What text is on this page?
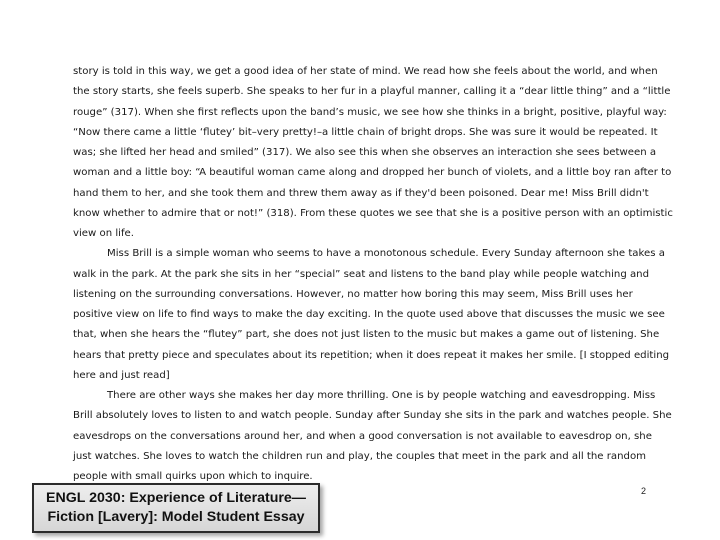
story is told in this way, we get a good idea of her state of mind. We read how she feels about the world, and when the story starts, she feels superb. She speaks to her fur in a playful manner, calling it a “dear little thing” and a “little rouge” (317). When she first reflects upon the band’s music, we see how she thinks in a bright, positive, playful way: “Now there came a little ‘flutey’ bit–very pretty!–a little chain of bright drops. She was sure it would be repeated. It was; she lifted her head and smiled” (317). We also see this when she observes an interaction she sees between a woman and a little boy: “A beautiful woman came along and dropped her bunch of violets, and a little boy ran after to hand them to her, and she took them and threw them away as if they'd been poisoned. Dear me! Miss Brill didn't know whether to admire that or not!” (318). From these quotes we see that she is a positive person with an optimistic view on life.

Miss Brill is a simple woman who seems to have a monotonous schedule. Every Sunday afternoon she takes a walk in the park. At the park she sits in her “special” seat and listens to the band play while people watching and listening on the surrounding conversations. However, no matter how boring this may seem, Miss Brill uses her positive view on life to find ways to make the day exciting. In the quote used above that discusses the music we see that, when she hears the “flutey” part, she does not just listen to the music but makes a game out of listening. She hears that pretty piece and speculates about its repetition; when it does repeat it makes her smile. [I stopped editing here and just read]

There are other ways she makes her day more thrilling. One is by people watching and eavesdropping. Miss Brill absolutely loves to listen to and watch people. Sunday after Sunday she sits in the park and watches people. She eavesdrops on the conversations around her, and when a good conversation is not available to eavesdrop on, she just watches. She loves to watch the children run and play, the couples that meet in the park and all the random people with small quirks upon which to inquire.

2
ENGL 2030: Experience of Literature—
Fiction [Lavery]: Model Student Essay
